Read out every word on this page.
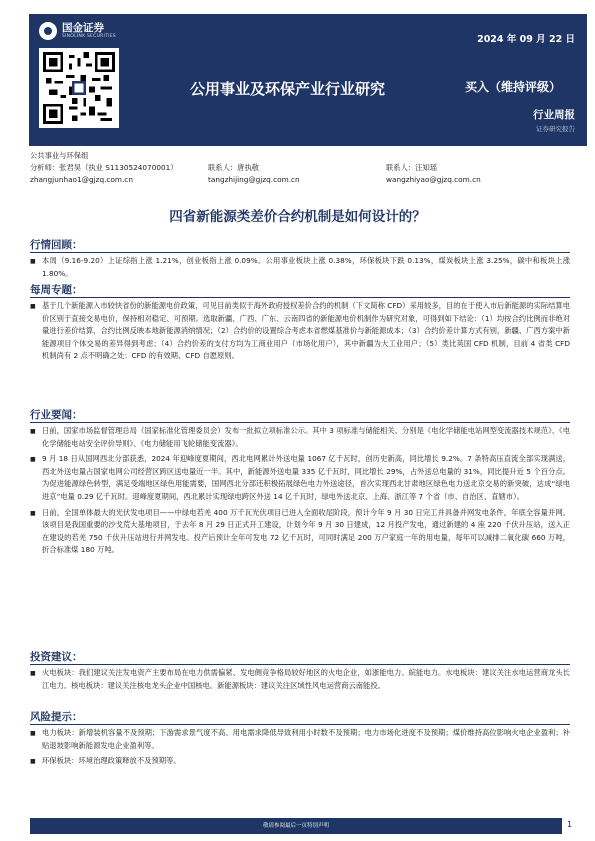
国金证券
SINOLINK SECURITIES	2024 年 09 月 22 日
公用事业及环保产业行业研究	买入（维持评级）
行业周报
证券研究报告
公共事业与环保组
分析师：张君昊（执业 S1130524070001）	联系人：唐执敬	联系人：汪知瑶
zhangjunhao1@gjzq.com.cn	tangzhijing@gjzq.com.cn	wangzhiyao@gjzq.com.cn
四省新能源类差价合约机制是如何设计的？
行情回顾：
■ 本周（9.16-9.20）上证综指上涨 1.21%，创业板指上涨 0.09%。公用事业板块上涨 0.38%，环保板块下跌 0.13%，煤炭板块上涨 3.25%，碳中和板块上涨 1.80%。
每周专题：
■ 基于几个新能源入市较快省份的新能源电价政策，可见目前类似于海外政府授权差价合约的机制（下文简称 CFD）采用较多，目的在于使入市后新能源的实际结算电价区别于直接交易电价，保持相对稳定、可预期。选取新疆、广西、广东、云南四省的新能源电价机制作为研究对象，可得到如下结论：（1）均按合约比例而非绝对量进行差价结算，合约比例反映本地新能源消纳情况；（2）合约价的设置综合考虑本省燃煤基准价与新能源成本；（3）合约价差计算方式有别，新疆、广西方案中新能源项目个体交易的差异得到考虑；（4）合约价差的支付方均为工商业用户（市场化用户），其中新疆为大工业用户；（5）类比英国 CFD 机制，目前 4 省类 CFD 机制尚有 2 点不明确之处：CFD 的有效期、CFD 自愿原则。
行业要闻：
■ 日前，国家市场监督管理总局（国家标准化管理委员会）发布一批拟立项标准公示。其中 3 项标准与储能相关。分别是《电化学储能电站网型变流器技术规范》、《电化学储能电站安全评价导则》、《电力储能用飞轮储能变流器》。
■ 9 月 18 日从国网西北分部获悉，2024 年迎峰度夏期间，西北电网累计外送电量 1067 亿千瓦时，创历史新高，同比增长 9.2%。7 条特高压直流全部实现满送，西北外送电量占国家电网公司经营区跨区送电量近一半。其中，新能源外送电量 335 亿千瓦时，同比增长 29%，占外送总电量的 31%，同比提升近 5 个百分点。为促进能源绿色转型，满足受端地区绿色用能需要，国网西北分部还积极拓展绿色电力外送途径，首次实现西北甘肃地区绿色电力送北京交易的新突破，达成“绿电进京”电量 0.29 亿千瓦时。迎峰度夏期间，西北累计实现绿电跨区外送 14 亿千瓦时，绿电外送北京、上海、浙江等 7 个省（市、自治区、直辖市）。
■ 日前，全国单体最大的光伏发电项目——中绿电若羌 400 万千瓦光伏项目已进入全面收尾阶段，预计今年 9 月 30 日完工并具备并网发电条件，年底全容量并网。该项目是我国重要的沙戈荒大基地项目，于去年 8 月 29 日正式开工建设，计划今年 9 月 30 日建成，12 月投产发电，通过新建的 4 座 220 千伏升压站，送入正在建设的若羌 750 千伏升压站进行并网发电。投产后预计全年可发电 72 亿千瓦时，可同时满足 200 万户家庭一年的用电量，每年可以减排二氧化碳 660 万吨，折合标准煤 180 万吨。
投资建议：
■ 火电板块：我们建议关注发电资产主要布局在电力供需偏紧、发电侧竞争格局较好地区的火电企业，如浙能电力、皖能电力。水电板块：建议关注水电运营商龙头长江电力。核电板块：建议关注核电龙头企业中国核电。新能源板块：建议关注区域性风电运营商云南能投。
风险提示：
■ 电力板块：新增装机容量不及预期；下游需求景气度不高、用电需求降低导致利用小时数不及预期；电力市场化进度不及预期；煤价维持高位影响火电企业盈利；补贴退坡影响新能源发电企业盈利等。
■ 环保板块：环境治理政策释放不及预期等。
敬请参阅最后一页特别声明	1
